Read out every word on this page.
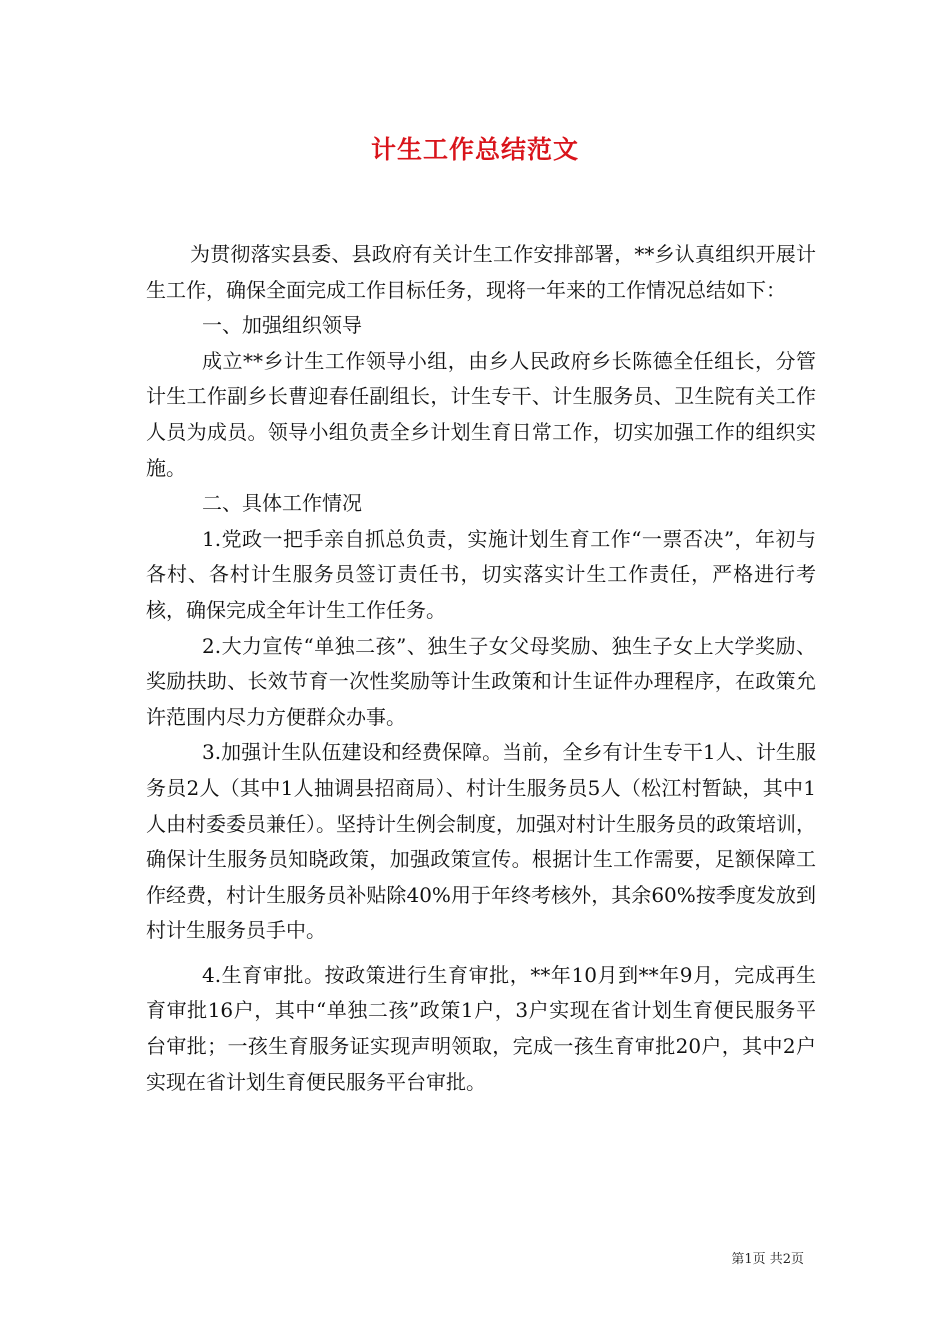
计生工作总结范文

为贯彻落实县委、县政府有关计生工作安排部署，**乡认真组织开展计生工作，确保全面完成工作目标任务，现将一年来的工作情况总结如下：

一、加强组织领导

成立**乡计生工作领导小组，由乡人民政府乡长陈德全任组长，分管计生工作副乡长曹迎春任副组长，计生专干、计生服务员、卫生院有关工作人员为成员。领导小组负责全乡计划生育日常工作，切实加强工作的组织实施。

二、具体工作情况

1.党政一把手亲自抓总负责，实施计划生育工作“一票否决”，年初与各村、各村计生服务员签订责任书，切实落实计生工作责任，严格进行考核，确保完成全年计生工作任务。

2.大力宣传“单独二孩”、独生子女父母奖励、独生子女上大学奖励、奖励扶助、长效节育一次性奖励等计生政策和计生证件办理程序，在政策允许范围内尽力方便群众办事。

3.加强计生队伍建设和经费保障。当前，全乡有计生专干1人、计生服务员2人（其中1人抽调县招商局）、村计生服务员5人（松江村暂缺，其中1人由村委委员兼任）。坚持计生例会制度，加强对村计生服务员的政策培训，确保计生服务员知晓政策，加强政策宣传。根据计生工作需要，足额保障工作经费，村计生服务员补贴除40%用于年终考核外，其余60%按季度发放到村计生服务员手中。

4.生育审批。按政策进行生育审批，**年10月到**年9月，完成再生育审批16户，其中“单独二孩”政策1户，3户实现在省计划生育便民服务平台审批；一孩生育服务证实现声明领取，完成一孩生育审批20户，其中2户实现在省计划生育便民服务平台审批。

第1页 共2页
